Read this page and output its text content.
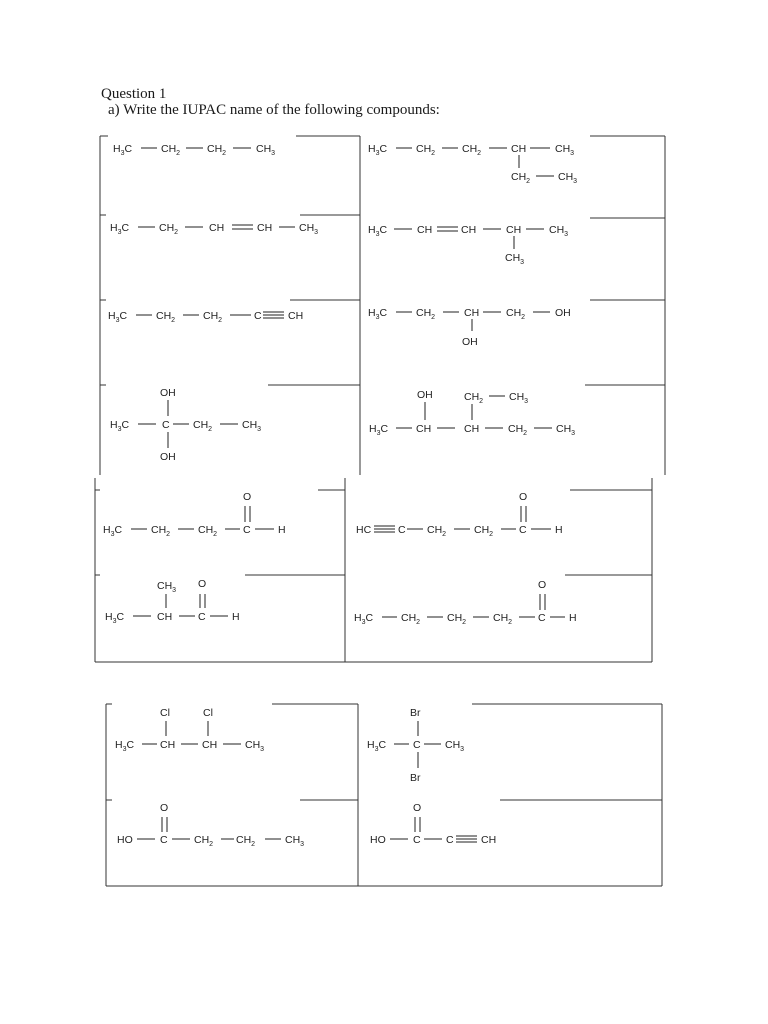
Question 1
a) Write the IUPAC name of the following compounds:
$H_3C$	$CH_2$	$CH_2$	$CH_3$	$H_3C$	$CH_2$	$CH_2$	CH	$CH_3$
$CH_2$	$CH_3$
$H_3C$	$CH_2$	CH	CH	$CH_3$	$H_3C$	CH	CH	CH	$CH_3$
$CH_3$
$H_3C$	$CH_2$	$CH_2$	C	CH	$H_3C$	$CH_2$	CH	$CH_2$	OH
OH
OH
$H_3C$	C $CH_2$	$CH_3$
OH
OH	$CH_2$ $CH_3$
$H_3C$	CH	CH	$CH_2$	$CH_3$
O
$H_3C$	$CH_2$	$CH_2$ C	H
O
HC	C $CH_2$	$CH_2$ C	H
$CH_3$
O
$H_3C$	CH C	H
O
$H_3C$	$CH_2$	$CH_2$	$CH_2$ C H
Cl	Cl
$H_3C$ CH	CH	$CH_3$
Br
$H_3C$	C $CH_3$
Br
O
HO	C	$CH_2$ $CH_2$	$CH_3$
O
HO	C C	CH
